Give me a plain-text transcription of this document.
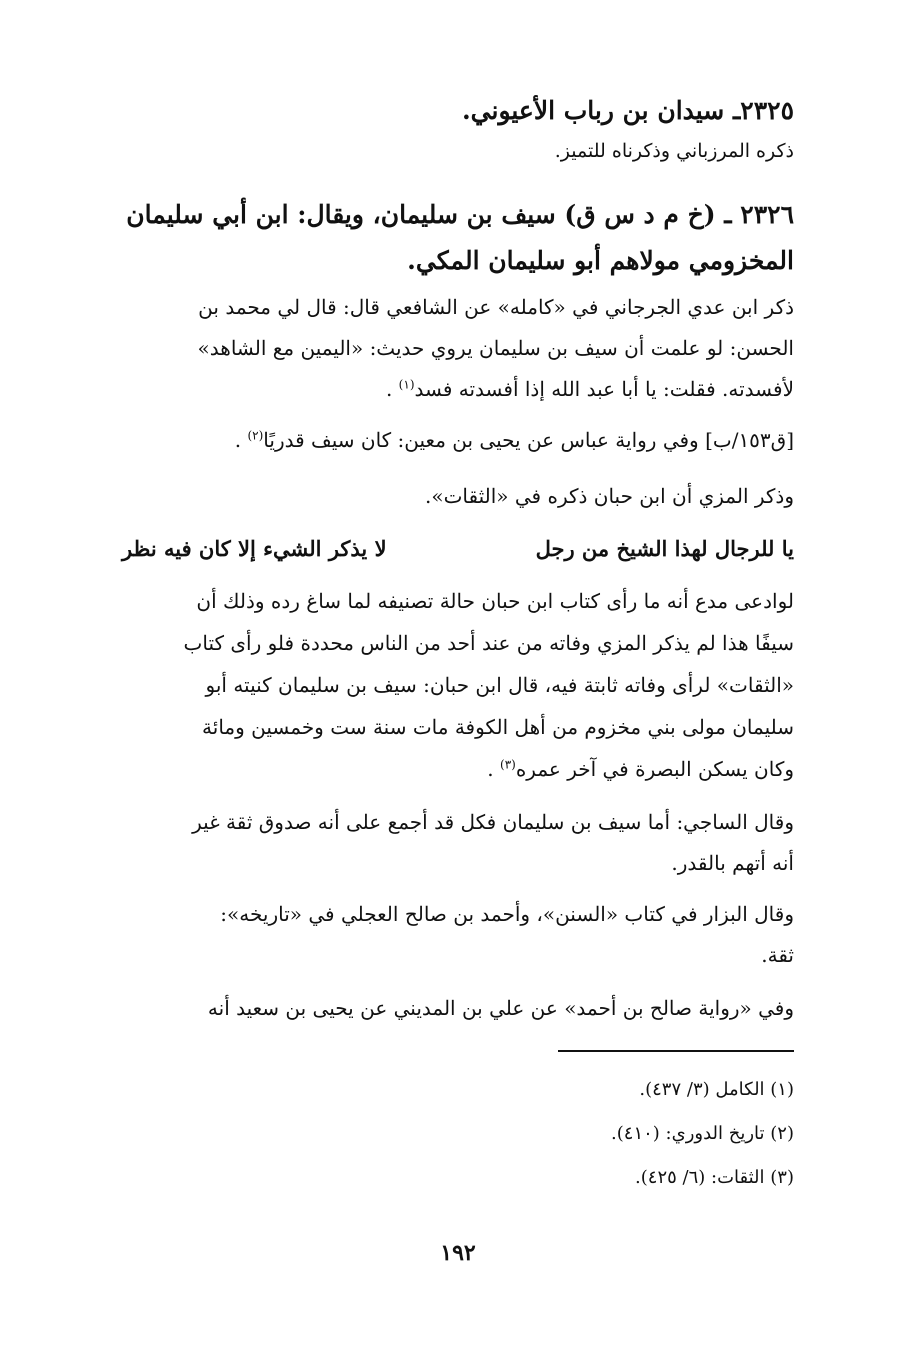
٢٣٢٥ـ سيدان بن رباب الأعيوني.
ذكره المرزباني وذكرناه للتميز.
٢٣٢٦ ـ (خ م د س ق) سيف بن سليمان، ويقال: ابن أبي سليمان
المخزومي مولاهم أبو سليمان المكي.
ذكر ابن عدي الجرجاني في «كامله» عن الشافعي قال: قال لي محمد بن
الحسن: لو علمت أن سيف بن سليمان يروي حديث: «اليمين مع الشاهد»
لأفسدته. فقلت: يا أبا عبد الله إذا أفسدته فسد$^{(١)}$ .
[ق١٥٣/ب] وفي رواية عباس عن يحيى بن معين: كان سيف قدريًا$^{(٢)}$ .
وذكر المزي أن ابن حبان ذكره في «الثقات».
يا للرجال لهذا الشيخ من رجل
لا يذكر الشيء إلا كان فيه نظر
لوادعى مدع أنه ما رأى كتاب ابن حبان حالة تصنيفه لما ساغ رده وذلك أن
سيفًا هذا لم يذكر المزي وفاته من عند أحد من الناس محددة فلو رأى كتاب
«الثقات» لرأى وفاته ثابتة فيه، قال ابن حبان: سيف بن سليمان كنيته أبو
سليمان مولى بني مخزوم من أهل الكوفة مات سنة ست وخمسين ومائة
وكان يسكن البصرة في آخر عمره$^{(٣)}$ .
وقال الساجي: أما سيف بن سليمان فكل قد أجمع على أنه صدوق ثقة غير
أنه أتهم بالقدر.
وقال البزار في كتاب «السنن»، وأحمد بن صالح العجلي في «تاريخه»:
ثقة.
وفي «رواية صالح بن أحمد» عن علي بن المديني عن يحيى بن سعيد أنه
(١) الكامل (٣/ ٤٣٧).
(٢) تاريخ الدوري: (٤١٠).
(٣) الثقات: (٦/ ٤٢٥).
١٩٢
